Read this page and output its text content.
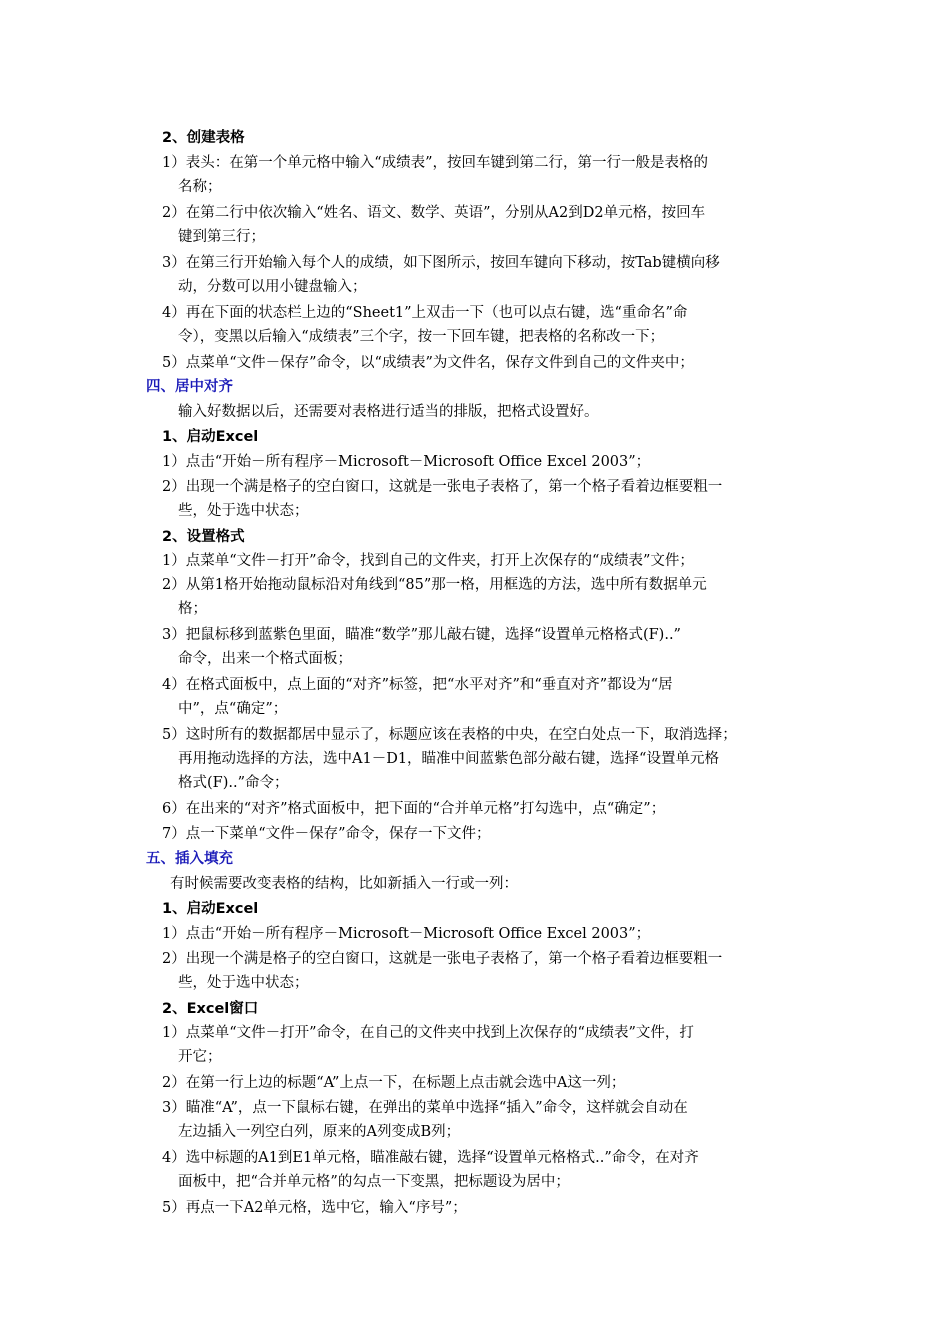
2、创建表格
1）表头：在第一个单元格中输入“成绩表”，按回车键到第二行，第一行一般是表格的
名称；
2）在第二行中依次输入“姓名、语文、数学、英语”，分别从A2到D2单元格，按回车
键到第三行；
3）在第三行开始输入每个人的成绩，如下图所示，按回车键向下移动，按Tab键横向移
动，分数可以用小键盘输入；
4）再在下面的状态栏上边的“Sheet1”上双击一下（也可以点右键，选“重命名”命
令），变黑以后输入“成绩表”三个字，按一下回车键，把表格的名称改一下；
5）点菜单“文件－保存”命令，以“成绩表”为文件名，保存文件到自己的文件夹中；
四、居中对齐
输入好数据以后，还需要对表格进行适当的排版，把格式设置好。
1、启动Excel
1）点击“开始－所有程序－Microsoft－Microsoft Office Excel 2003”；
2）出现一个满是格子的空白窗口，这就是一张电子表格了，第一个格子看着边框要粗一
些，处于选中状态；
2、设置格式
1）点菜单“文件－打开”命令，找到自己的文件夹，打开上次保存的“成绩表”文件；
2）从第1格开始拖动鼠标沿对角线到“85”那一格，用框选的方法，选中所有数据单元
格；
3）把鼠标移到蓝紫色里面，瞄准“数学”那儿敲右键，选择“设置单元格格式(F)..”
命令，出来一个格式面板；
4）在格式面板中，点上面的“对齐”标签，把“水平对齐”和“垂直对齐”都设为“居
中”，点“确定”；
5）这时所有的数据都居中显示了，标题应该在表格的中央，在空白处点一下，取消选择；
再用拖动选择的方法，选中A1－D1，瞄准中间蓝紫色部分敲右键，选择“设置单元格
格式(F)..”命令；
6）在出来的“对齐”格式面板中，把下面的“合并单元格”打勾选中，点“确定”；
7）点一下菜单“文件－保存”命令，保存一下文件；
五、插入填充
有时候需要改变表格的结构，比如新插入一行或一列：
1、启动Excel
1）点击“开始－所有程序－Microsoft－Microsoft Office Excel 2003”；
2）出现一个满是格子的空白窗口，这就是一张电子表格了，第一个格子看着边框要粗一
些，处于选中状态；
2、Excel窗口
1）点菜单“文件－打开”命令，在自己的文件夹中找到上次保存的“成绩表”文件，打
开它；
2）在第一行上边的标题“A”上点一下，在标题上点击就会选中A这一列；
3）瞄准“A”，点一下鼠标右键，在弹出的菜单中选择“插入”命令，这样就会自动在
左边插入一列空白列，原来的A列变成B列；
4）选中标题的A1到E1单元格，瞄准敲右键，选择“设置单元格格式..”命令，在对齐
面板中，把“合并单元格”的勾点一下变黑，把标题设为居中；
5）再点一下A2单元格，选中它，输入“序号”；
